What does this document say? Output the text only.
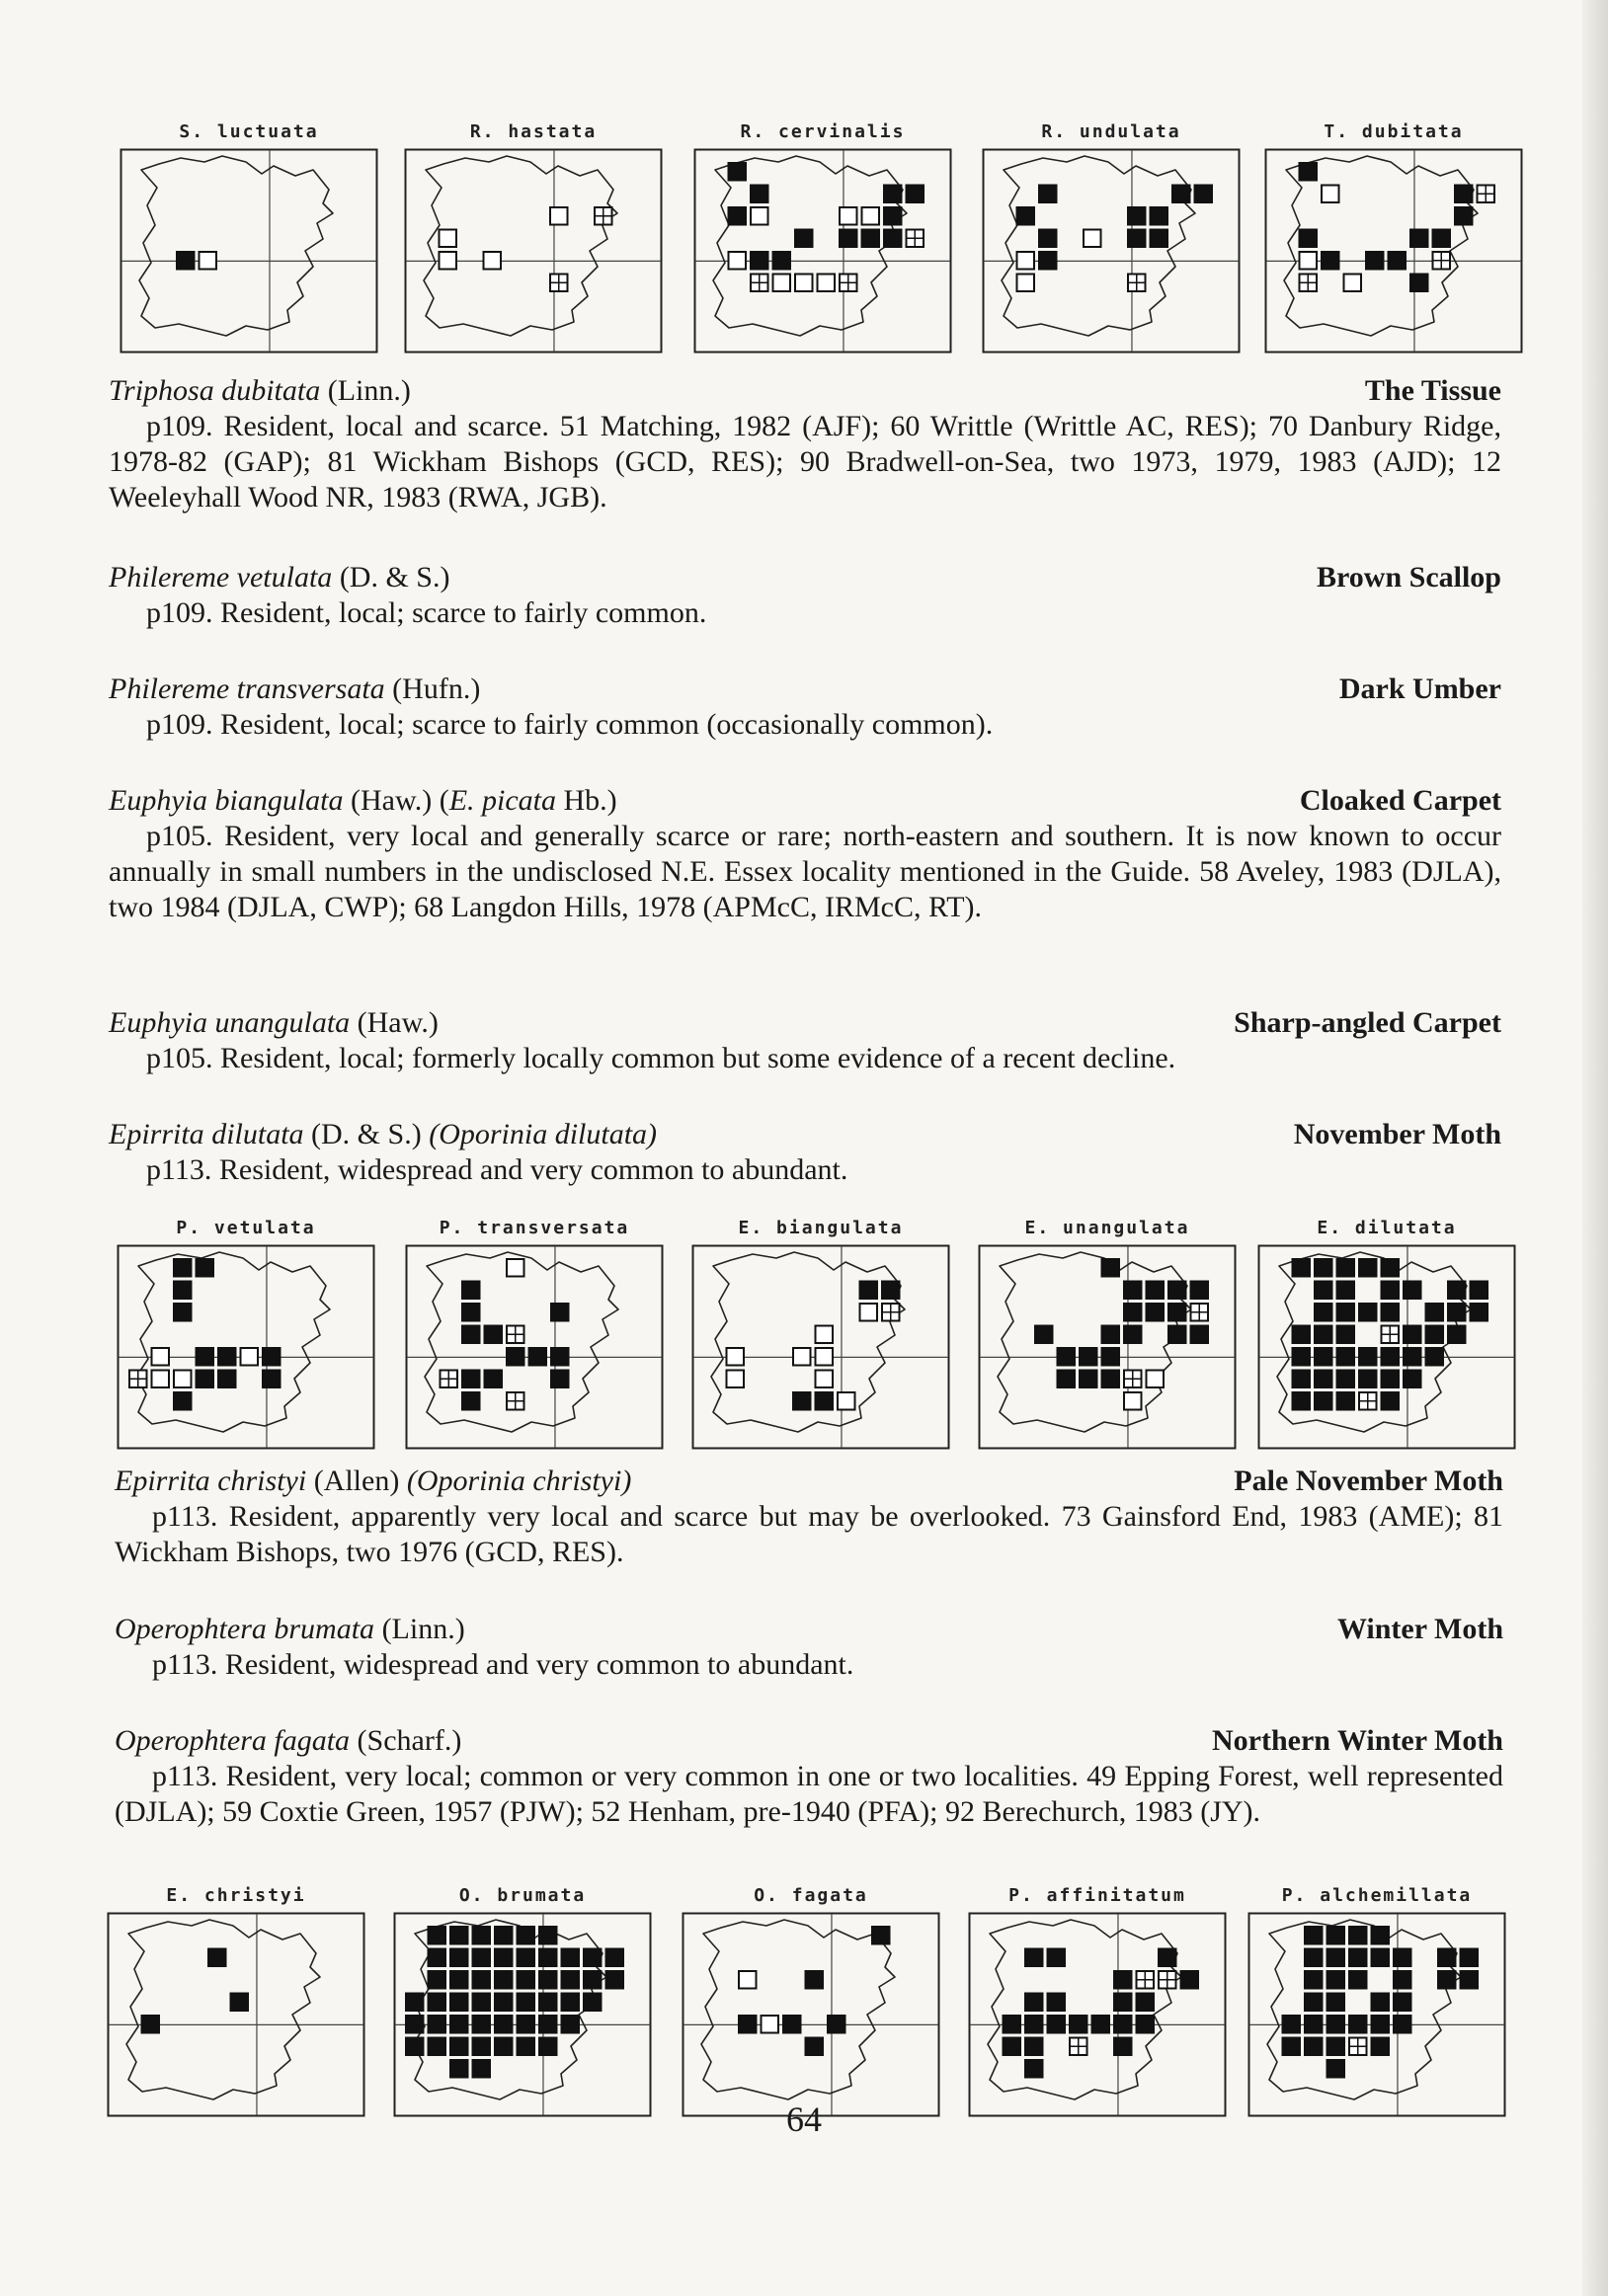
S. luctuata	R. hastata	R. cervinalis	R. undulata	T. dubitata
Triphosa dubitata (Linn.)	The Tissue

p109. Resident, local and scarce. 51 Matching, 1982 (AJF); 60 Writtle (Writtle AC, RES); 70 Danbury Ridge, 1978-82 (GAP); 81 Wickham Bishops (GCD, RES); 90 Bradwell-on-Sea, two 1973, 1979, 1983 (AJD); 12 Weeleyhall Wood NR, 1983 (RWA, JGB).

Philereme vetulata (D. & S.)	Brown Scallop

p109. Resident, local; scarce to fairly common.

Philereme transversata (Hufn.)	Dark Umber

p109. Resident, local; scarce to fairly common (occasionally common).

Euphyia biangulata (Haw.) (E. picata Hb.)	Cloaked Carpet

p105. Resident, very local and generally scarce or rare; north-eastern and southern. It is now known to occur annually in small numbers in the undisclosed N.E. Essex locality mentioned in the Guide. 58 Aveley, 1983 (DJLA), two 1984 (DJLA, CWP); 68 Langdon Hills, 1978 (APMcC, IRMcC, RT).

Euphyia unangulata (Haw.)	Sharp-angled Carpet

p105. Resident, local; formerly locally common but some evidence of a recent decline.

Epirrita dilutata (D. & S.) (Oporinia dilutata)	November Moth

p113. Resident, widespread and very common to abundant.

P. vetulata	P. transversata	E. biangulata	E. unangulata	E. dilutata
Epirrita christyi (Allen) (Oporinia christyi)	Pale November Moth

p113. Resident, apparently very local and scarce but may be overlooked. 73 Gainsford End, 1983 (AME); 81 Wickham Bishops, two 1976 (GCD, RES).

Operophtera brumata (Linn.)	Winter Moth

p113. Resident, widespread and very common to abundant.

Operophtera fagata (Scharf.)	Northern Winter Moth

p113. Resident, very local; common or very common in one or two localities. 49 Epping Forest, well represented (DJLA); 59 Coxtie Green, 1957 (PJW); 52 Henham, pre-1940 (PFA); 92 Berechurch, 1983 (JY).

E. christyi	O. brumata	O. fagata	P. affinitatum	P. alchemillata
64
